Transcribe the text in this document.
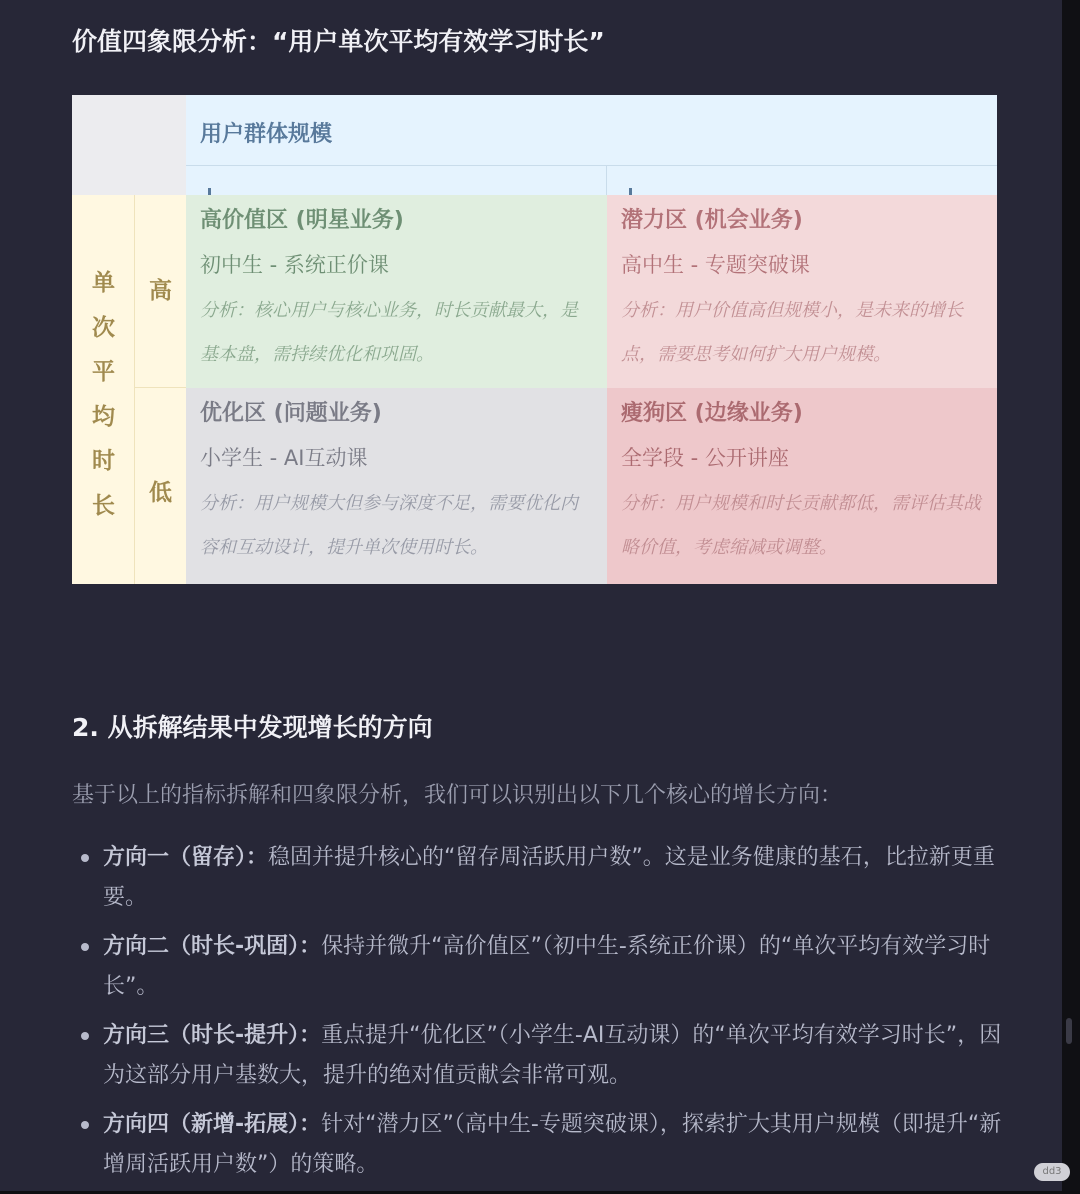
价值四象限分析：“用户单次平均有效学习时长”
用户群体规模
单
次
平
均
时
长
高
低
高价值区 (明星业务)
初中生 - 系统正价课
分析：核心用户与核心业务，时长贡献最大，是基本盘，需持续优化和巩固。
潜力区 (机会业务)
高中生 - 专题突破课
分析：用户价值高但规模小，是未来的增长点，需要思考如何扩大用户规模。
优化区 (问题业务)
小学生 - AI互动课
分析：用户规模大但参与深度不足，需要优化内容和互动设计，提升单次使用时长。
瘦狗区 (边缘业务)
全学段 - 公开讲座
分析：用户规模和时长贡献都低，需评估其战略价值，考虑缩减或调整。
2. 从拆解结果中发现增长的方向
基于以上的指标拆解和四象限分析，我们可以识别出以下几个核心的增长方向：
方向一（留存）：稳固并提升核心的“留存周活跃用户数”。这是业务健康的基石，比拉新更重要。
方向二（时长-巩固）：保持并微升“高价值区”（初中生-系统正价课）的“单次平均有效学习时长”。
方向三（时长-提升）：重点提升“优化区”（小学生-AI互动课）的“单次平均有效学习时长”，因为这部分用户基数大，提升的绝对值贡献会非常可观。
方向四（新增-拓展）：针对“潜力区”（高中生-专题突破课），探索扩大其用户规模（即提升“新增周活跃用户数”）的策略。	dd3
